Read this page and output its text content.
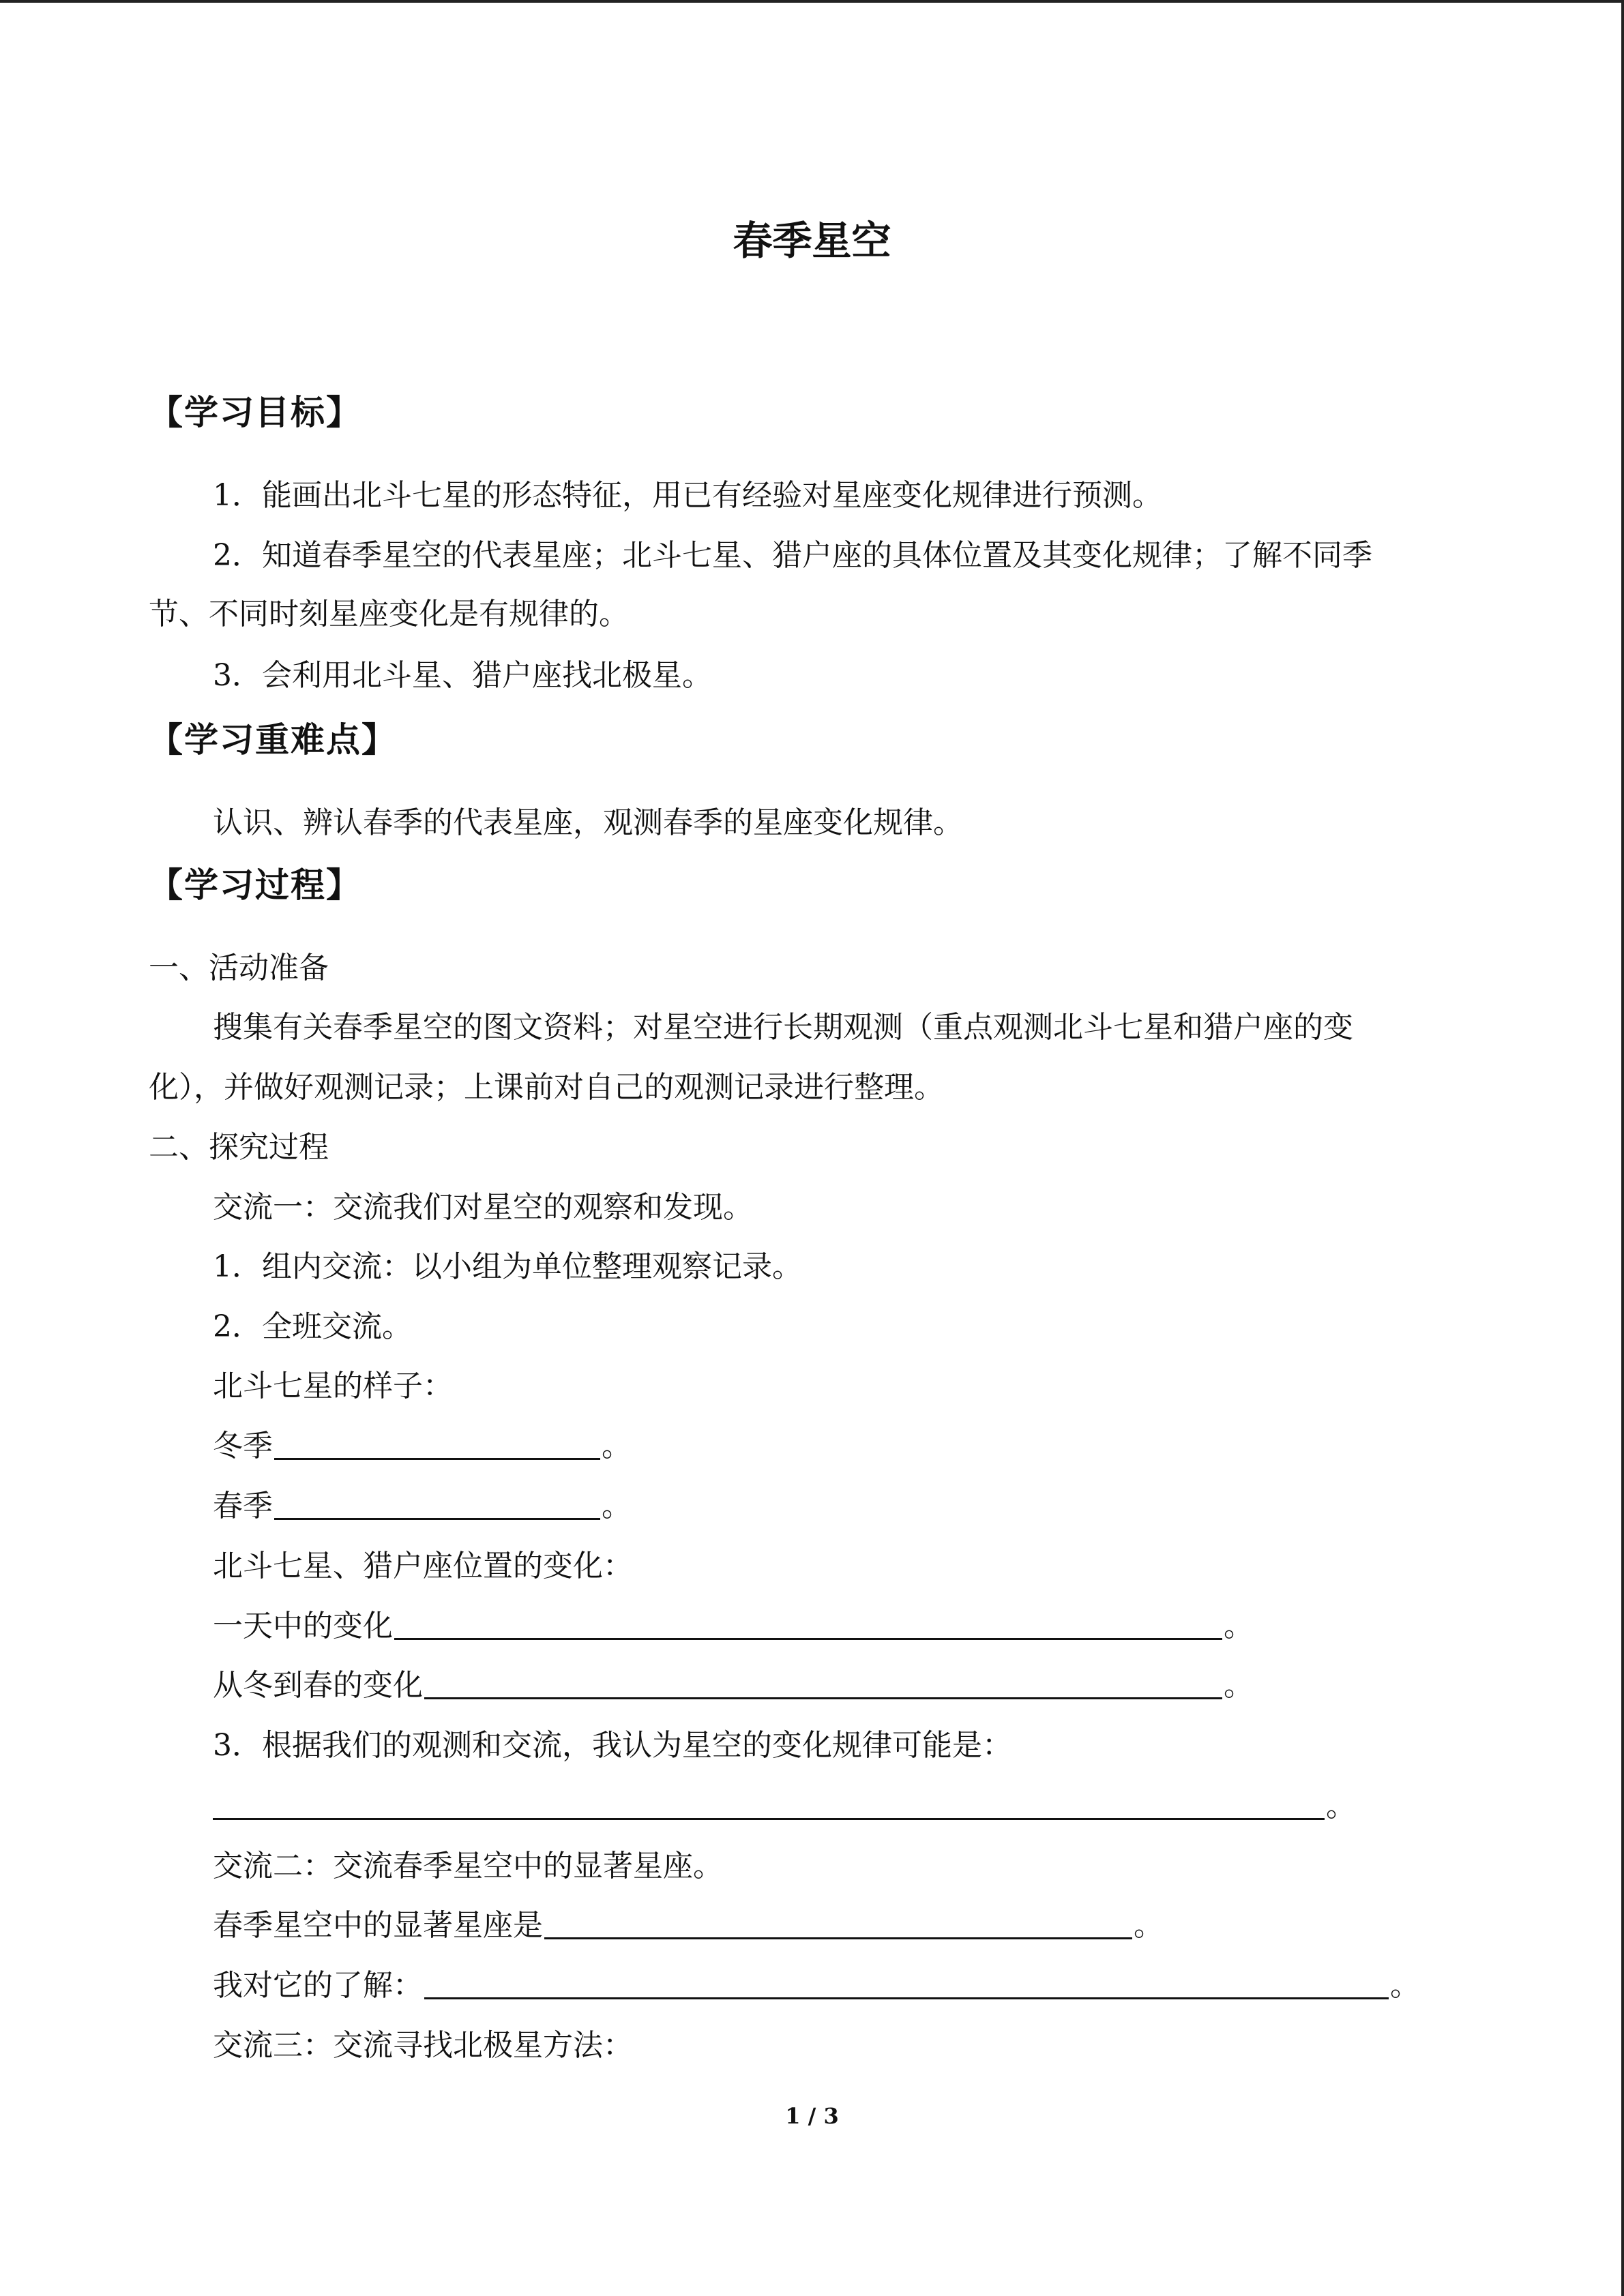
春季星空
【学习目标】
1．能画出北斗七星的形态特征，用已有经验对星座变化规律进行预测。
2．知道春季星空的代表星座；北斗七星、猎户座的具体位置及其变化规律；了解不同季
节、不同时刻星座变化是有规律的。
3．会利用北斗星、猎户座找北极星。
【学习重难点】
认识、辨认春季的代表星座，观测春季的星座变化规律。
【学习过程】
一、活动准备
搜集有关春季星空的图文资料；对星空进行长期观测（重点观测北斗七星和猎户座的变
化），并做好观测记录；上课前对自己的观测记录进行整理。
二、探究过程
交流一：交流我们对星空的观察和发现。
1．组内交流：以小组为单位整理观察记录。
2．全班交流。
北斗七星的样子：
冬季	。
春季	。
北斗七星、猎户座位置的变化：
一天中的变化	。
从冬到春的变化	。
3．根据我们的观测和交流，我认为星空的变化规律可能是：
。
交流二：交流春季星空中的显著星座。
春季星空中的显著星座是	。
我对它的了解：	。
交流三：交流寻找北极星方法：
1 / 3
